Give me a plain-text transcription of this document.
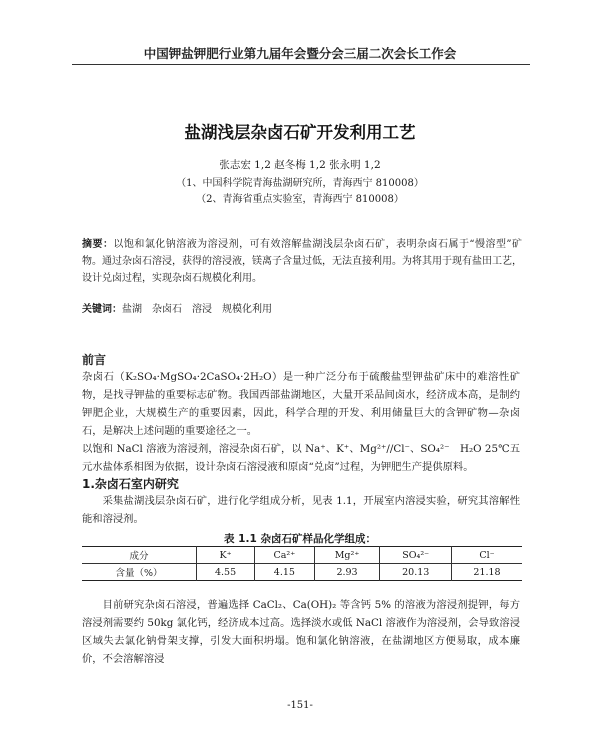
中国钾盐钾肥行业第九届年会暨分会三届二次会长工作会
盐湖浅层杂卤石矿开发利用工艺
张志宏 1,2 赵冬梅 1,2 张永明 1,2
（1、中国科学院青海盐湖研究所，青海西宁 810008）
（2、青海省重点实验室，青海西宁 810008）
摘要：以饱和氯化钠溶液为溶浸剂，可有效溶解盐湖浅层杂卤石矿，表明杂卤石属于“慢溶型”矿物。通过杂卤石溶浸，获得的溶浸液，镁离子含量过低，无法直接利用。为将其用于现有盐田工艺，设计兑卤过程，实现杂卤石规模化利用。
关键词：盐湖　杂卤石　溶浸　规模化利用
前言
杂卤石（K₂SO₄·MgSO₄·2CaSO₄·2H₂O）是一种广泛分布于硫酸盐型钾盐矿床中的难溶性矿物，是找寻钾盐的重要标志矿物。我国西部盐湖地区，大量开采品间卤水，经济成本高，是制约钾肥企业，大规模生产的重要因素，因此，科学合理的开发、利用储量巨大的含钾矿物—杂卤石，是解决上述问题的重要途径之一。
以饱和 NaCl 溶液为溶浸剂，溶浸杂卤石矿，以 Na⁺、K⁺、Mg²⁺//Cl⁻、SO₄²⁻　H₂O 25℃五元水盐体系相图为依据，设计杂卤石溶浸液和原卤“兑卤”过程，为钾肥生产提供原料。
1.杂卤石室内研究
采集盐湖浅层杂卤石矿，进行化学组成分析，见表 1.1，开展室内溶浸实验，研究其溶解性能和溶浸剂。
表 1.1 杂卤石矿样品化学组成：
成分	K⁺	Ca²⁺	Mg²⁺	SO₄²⁻	Cl⁻
含量（%）	4.55	4.15	2.93	20.13	21.18
目前研究杂卤石溶浸，普遍选择 CaCl₂、Ca(OH)₂ 等含钙 5% 的溶液为溶浸剂提钾，每方溶浸剂需要约 50kg 氯化钙，经济成本过高。选择淡水或低 NaCl 溶液作为溶浸剂，会导致溶浸区域失去氯化钠骨架支撑，引发大面积坍塌。饱和氯化钠溶液，在盐湖地区方便易取，成本廉价，不会溶解溶浸
-151-
